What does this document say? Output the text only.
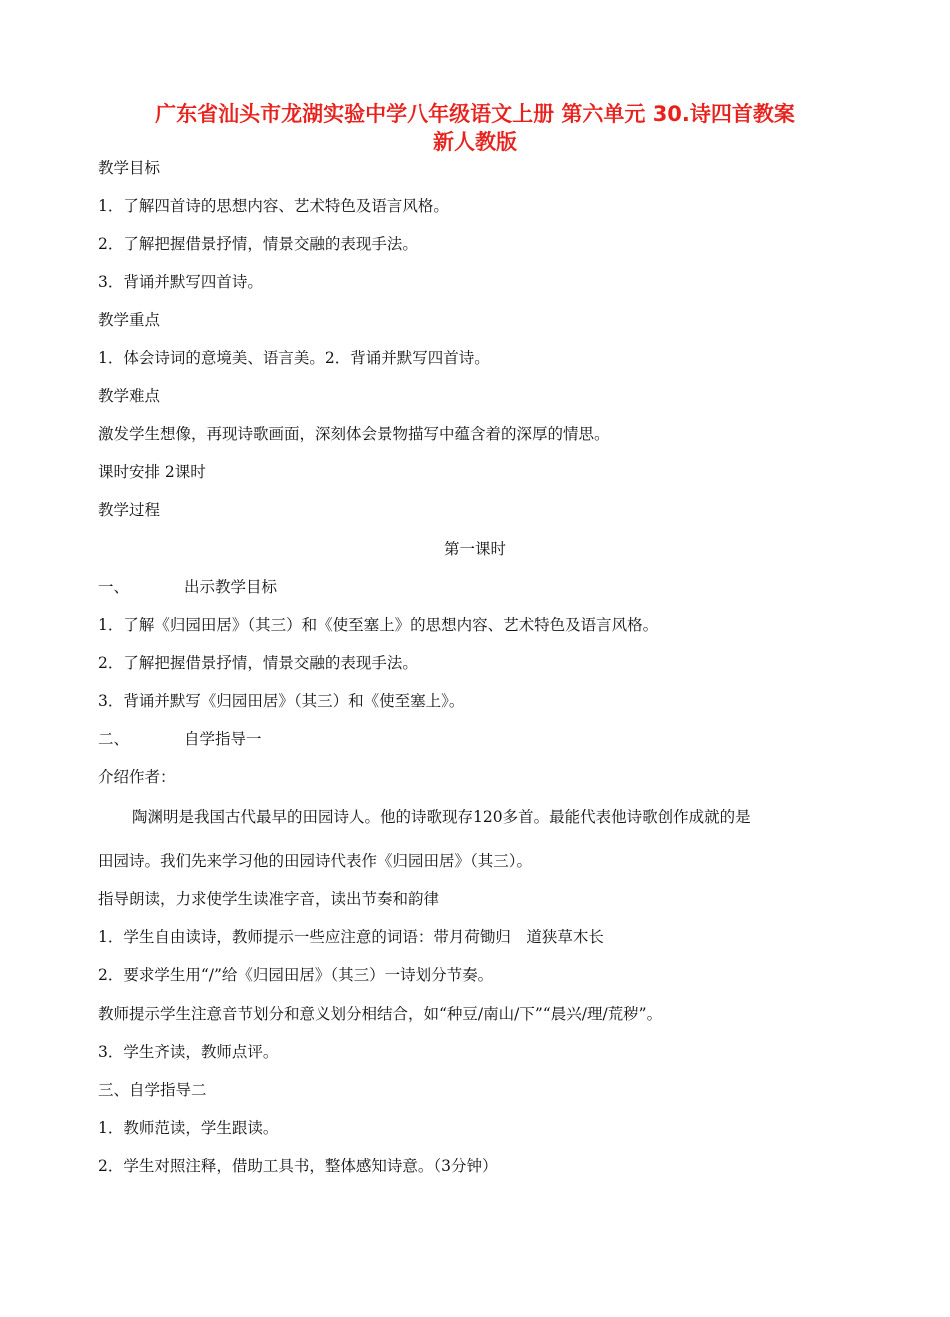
广东省汕头市龙湖实验中学八年级语文上册 第六单元 30.诗四首教案
新人教版
教学目标
1．了解四首诗的思想内容、艺术特色及语言风格。
2．了解把握借景抒情，情景交融的表现手法。
3．背诵并默写四首诗。
教学重点
1．体会诗词的意境美、语言美。2．背诵并默写四首诗。
教学难点
激发学生想像，再现诗歌画面，深刻体会景物描写中蕴含着的深厚的情思。
课时安排 2课时
教学过程
第一课时
一、	出示教学目标
1．了解《归园田居》（其三）和《使至塞上》的思想内容、艺术特色及语言风格。
2．了解把握借景抒情，情景交融的表现手法。
3．背诵并默写《归园田居》（其三）和《使至塞上》。
二、	自学指导一
介绍作者：
陶渊明是我国古代最早的田园诗人。他的诗歌现存120多首。最能代表他诗歌创作成就的是
田园诗。我们先来学习他的田园诗代表作《归园田居》（其三）。
指导朗读，力求使学生读准字音，读出节奏和韵律
1．学生自由读诗，教师提示一些应注意的词语：带月荷锄归　道狭草木长
2．要求学生用“/”给《归园田居》（其三）一诗划分节奏。
教师提示学生注意音节划分和意义划分相结合，如“种豆/南山/下”“晨兴/理/荒秽”。
3．学生齐读，教师点评。
三、自学指导二
1．教师范读，学生跟读。
2．学生对照注释，借助工具书，整体感知诗意。（3分钟）
